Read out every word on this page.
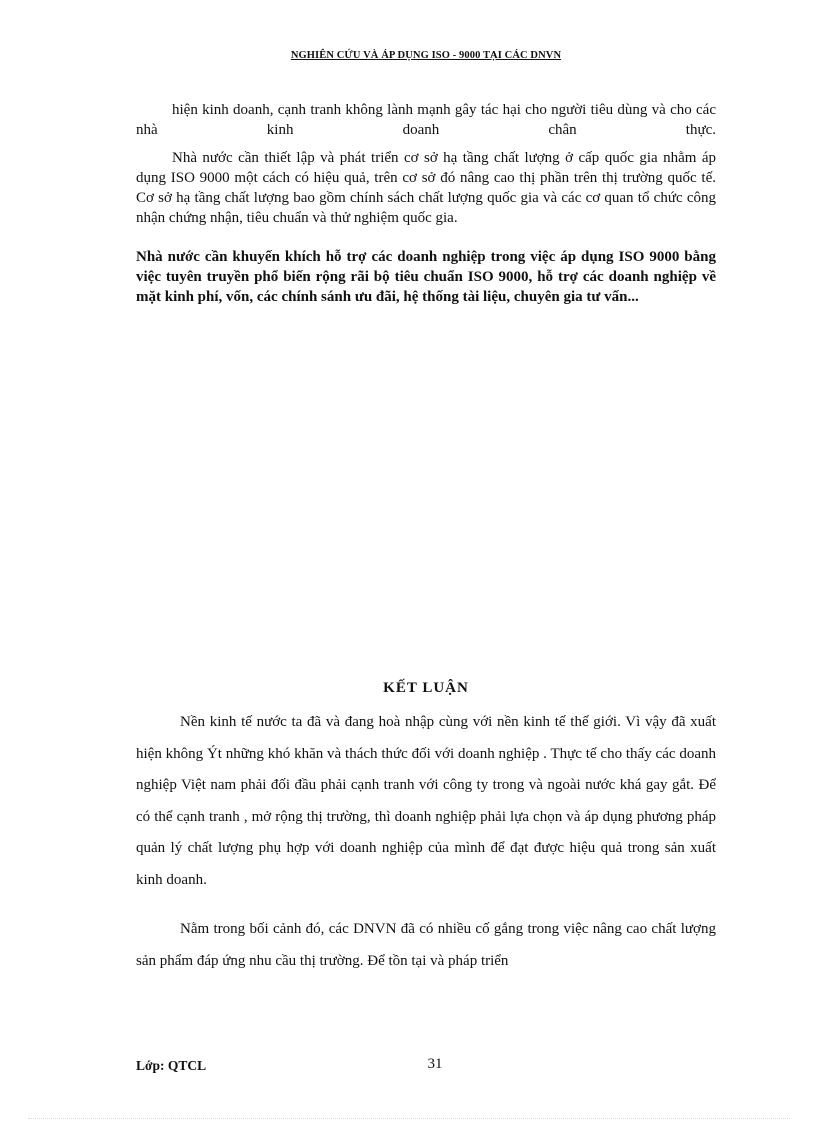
NGHIÊN CỨU VÀ ÁP DỤNG ISO - 9000 TẠI CÁC DNVN

hiện kinh doanh, cạnh tranh không lành mạnh gây tác hại cho người tiêu dùng và cho các nhà kinh doanh chân thực.

Nhà nước cần thiết lập và phát triển cơ sở hạ tầng chất lượng ở cấp quốc gia nhằm áp dụng ISO 9000 một cách có hiệu quả, trên cơ sở đó nâng cao thị phần trên thị trường quốc tế. Cơ sở hạ tầng chất lượng bao gồm chính sách chất lượng quốc gia và các cơ quan tổ chức công nhận chứng nhận, tiêu chuẩn và thử nghiệm quốc gia.

Nhà nước cần khuyến khích hỗ trợ các doanh nghiệp trong việc áp dụng ISO 9000 bằng việc tuyên truyền phổ biến rộng rãi bộ tiêu chuẩn ISO 9000, hỗ trợ các doanh nghiệp về mặt kinh phí, vốn, các chính sánh ưu đãi, hệ thống tài liệu, chuyên gia tư vấn...

KẾT LUẬN

Nền kinh tế nước ta đã và đang hoà nhập cùng với nền kinh tế thế giới. Vì vậy đã xuất hiện không Ýt những khó khăn và thách thức đối với doanh nghiệp . Thực tế cho thấy các doanh nghiệp Việt nam phải đối đầu phải cạnh tranh với công ty trong và ngoài nước khá gay gắt. Để có thể cạnh tranh , mở rộng thị trường, thì doanh nghiệp phải lựa chọn và áp dụng phương pháp quản lý chất lượng phụ hợp với doanh nghiệp của mình để đạt được hiệu quả trong sản xuất kinh doanh.

Nằm trong bối cảnh đó, các DNVN đã có nhiều cố gắng trong việc nâng cao chất lượng sản phẩm đáp ứng nhu cầu thị trường. Để tồn tại và pháp triển

Lớp: QTCL	31
